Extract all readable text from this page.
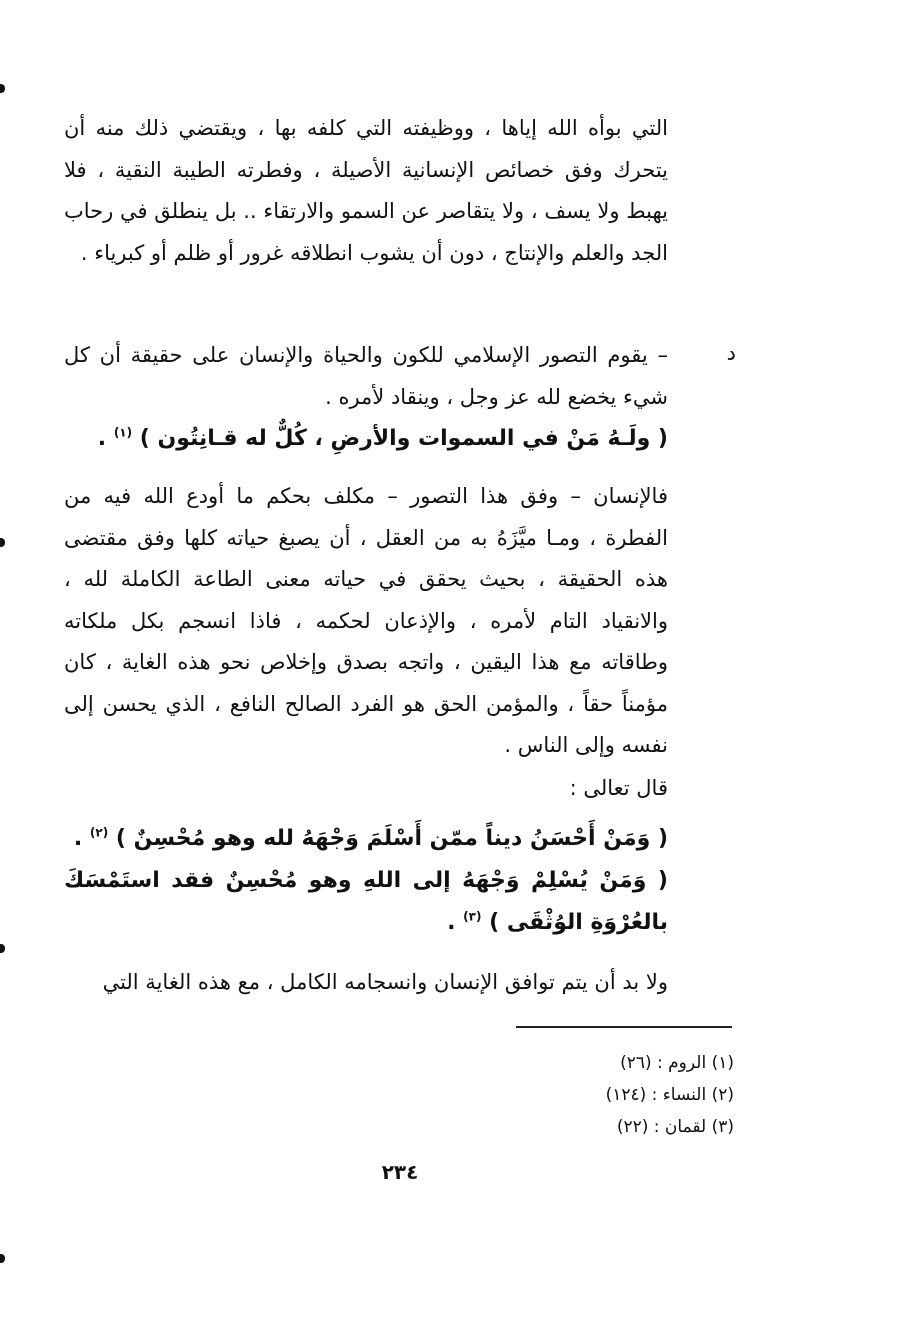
التي بوأه الله إياها ، ووظيفته التي كلفه بها ، ويقتضي ذلك منه أن يتحرك وفق خصائص الإنسانية الأصيلة ، وفطرته الطيبة النقية ، فلا يهبط ولا يسف ، ولا يتقاصر عن السمو والارتقاء .. بل ينطلق في رحاب الجد والعلم والإنتاج ، دون أن يشوب انطلاقه غرور أو ظلم أو كبرياء .
د
– يقوم التصور الإسلامي للكون والحياة والإنسان على حقيقة أن كل شيء يخضع لله عز وجل ، وينقاد لأمره .
( ولَـهُ مَنْ في السموات والأرضِ ، كُلٌّ له قـانِتُون ) $^{(١)}$ .
فالإنسان – وفق هذا التصور – مكلف بحكم ما أودع الله فيه من الفطرة ، ومـا ميَّزَهُ به من العقل ، أن يصبغ حياته كلها وفق مقتضى هذه الحقيقة ، بحيث يحقق في حياته معنى الطاعة الكاملة لله ، والانقياد التام لأمره ، والإذعان لحكمه ، فاذا انسجم بكل ملكاته وطاقاته مع هذا اليقين ، واتجه بصدق وإخلاص نحو هذه الغاية ، كان مؤمناً حقاً ، والمؤمن الحق هو الفرد الصالح النافع ، الذي يحسن إلى نفسه وإلى الناس .
قال تعالى :
( وَمَنْ أَحْسَنُ ديناً ممّن أَسْلَمَ وَجْهَهُ لله وهو مُحْسِنٌ ) $^{(٢)}$ .
( وَمَنْ يُسْلِمْ وَجْهَهُ إلى اللهِ وهو مُحْسِنٌ فقد استَمْسَكَ بالعُرْوَةِ الوُثْقَى ) $^{(٣)}$ .
ولا بد أن يتم توافق الإنسان وانسجامه الكامل ، مع هذه الغاية التي
(١) الروم : (٢٦)
(٢) النساء : (١٢٤)
(٣) لقمان : (٢٢)
٢٣٤
